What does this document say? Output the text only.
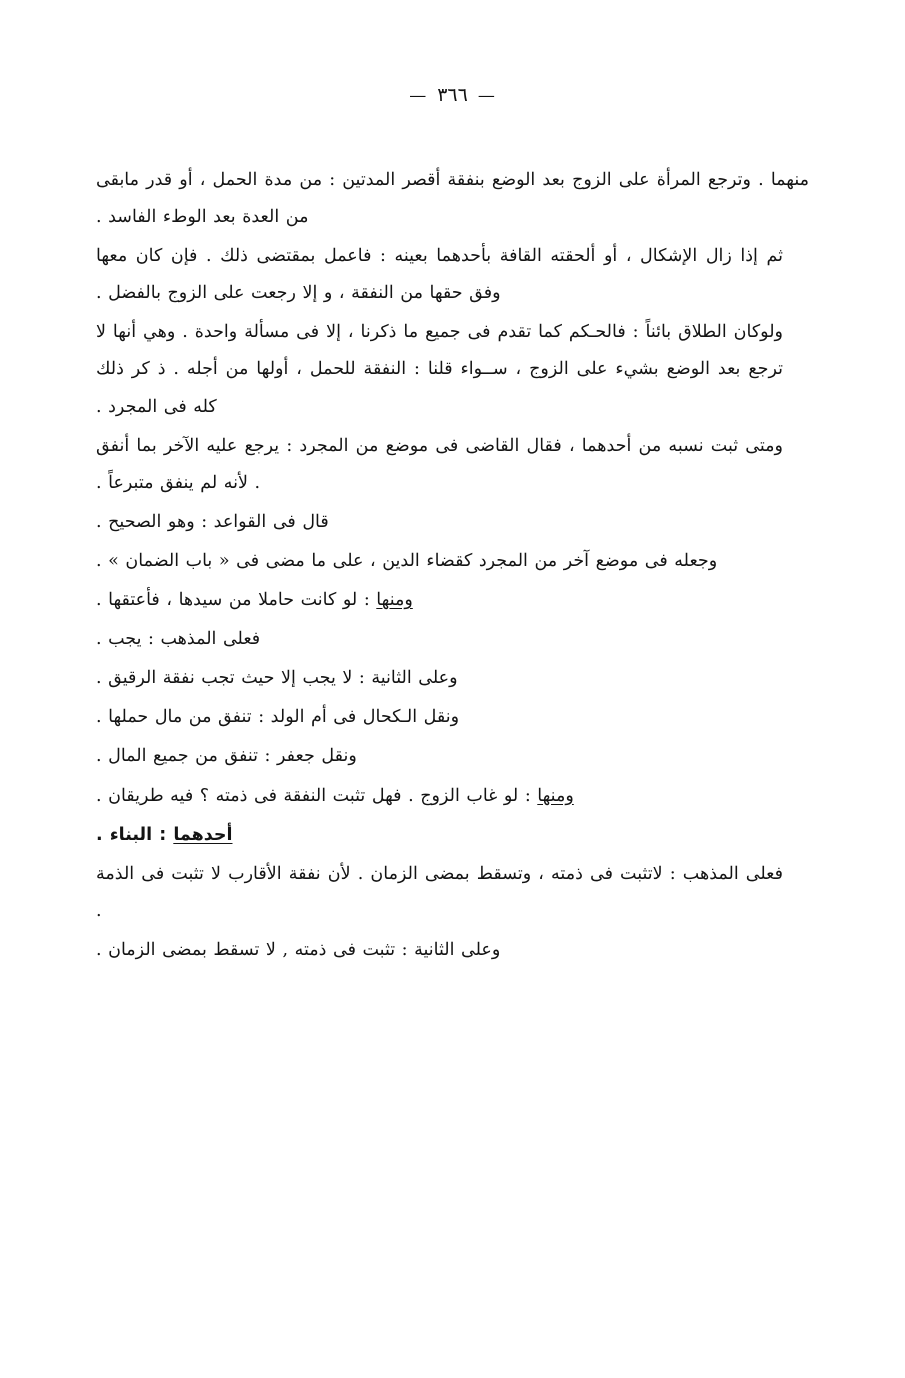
—٣٦٦—

منهما . وترجع المرأة على الزوج بعد الوضع بنفقة أقصر المدتين : من مدة الحمل ، أو قدر مابقى من العدة بعد الوطء الفاسد .

ثم إذا زال الإشكال ، أو ألحقته القافة بأحدهما بعينه : فاعمل بمقتضى ذلك . فإن كان معها وفق حقها من النفقة ، و إلا رجعت على الزوج بالفضل .

ولوكان الطلاق بائناً : فالحـكم كما تقدم فى جميع ما ذكرنا ، إلا فى مسألة واحدة . وهي أنها لا ترجع بعد الوضع بشيء على الزوج ، ســواء قلنا : النفقة للحمل ، أولها من أجله . ذ كر ذلك كله فى المجرد .

ومتى ثبت نسبه من أحدهما ، فقال القاضى فى موضع من المجرد : يرجع عليه الآخر بما أنفق . لأنه لم ينفق متبرعاً .

قال فى القواعد : وهو الصحيح .

وجعله فى موضع آخر من المجرد كقضاء الدين ، على ما مضى فى « باب الضمان » .

ومنها : لو كانت حاملا من سيدها ، فأعتقها .

فعلى المذهب : يجب .

وعلى الثانية : لا يجب إلا حيث تجب نفقة الرقيق .

ونقل الـكحال فى أم الولد : تنفق من مال حملها .

ونقل جعفر : تنفق من جميع المال .

ومنها : لو غاب الزوج . فهل تثبت النفقة فى ذمته ؟ فيه طريقان .

أحدهما : البناء .

فعلى المذهب : لاتثبت فى ذمته ، وتسقط بمضى الزمان . لأن نفقة الأقارب لا تثبت فى الذمة .

وعلى الثانية : تثبت فى ذمته , لا تسقط بمضى الزمان .
